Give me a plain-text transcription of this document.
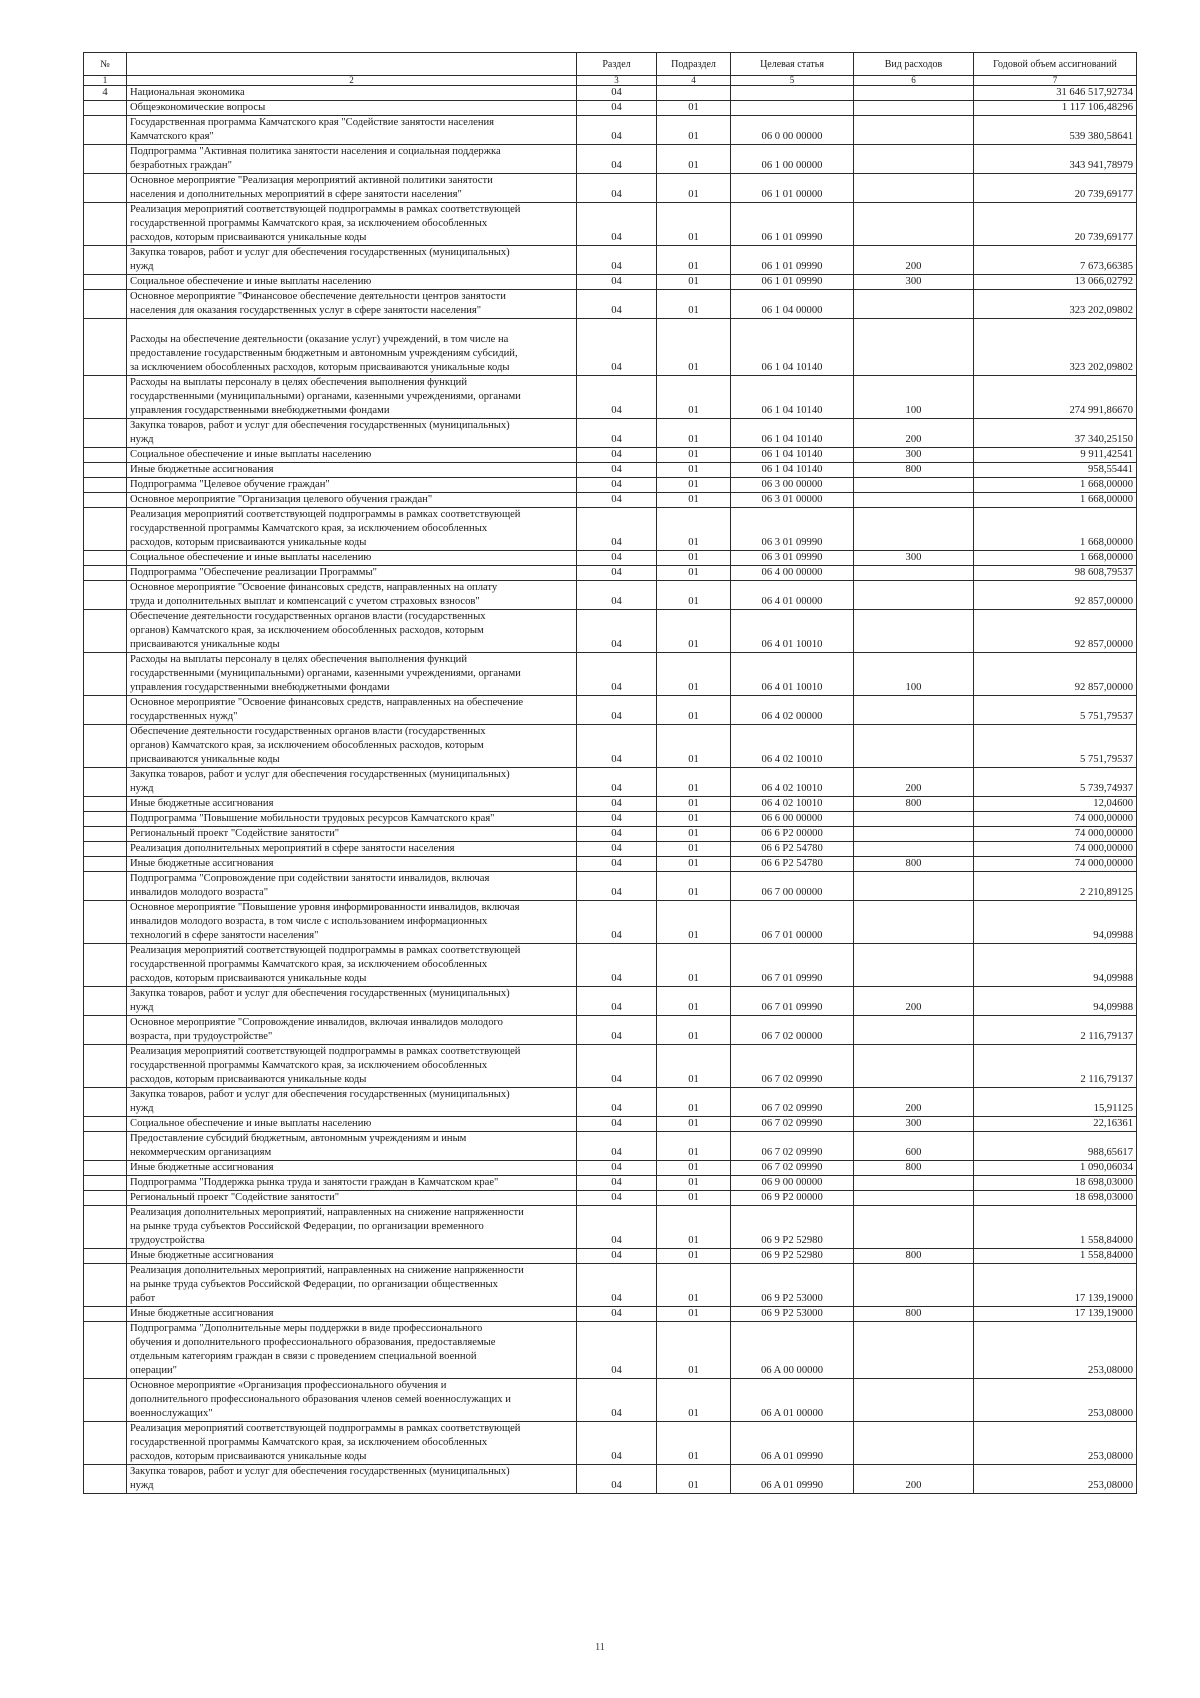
№		Раздел	Подраздел	Целевая статья	Вид расходов	Годовой объем ассигнований
1	2	3	4	5	6	7
4	Национальная экономика	04				31 646 517,92734
	Общеэкономические вопросы	04	01			1 117 106,48296
	Государственная программа Камчатского края "Содействие занятости населения
Камчатского края"	04	01	06 0 00 00000		539 380,58641
	Подпрограмма "Активная политика занятости населения и социальная поддержка
безработных граждан"	04	01	06 1 00 00000		343 941,78979
	Основное мероприятие "Реализация мероприятий активной политики занятости
населения и дополнительных мероприятий в сфере занятости населения"	04	01	06 1 01 00000		20 739,69177
	Реализация мероприятий соответствующей подпрограммы в рамках соответствующей
государственной программы Камчатского края, за исключением обособленных
расходов, которым присваиваются уникальные коды	04	01	06 1 01 09990		20 739,69177
	Закупка товаров, работ и услуг для обеспечения государственных (муниципальных)
нужд	04	01	06 1 01 09990	200	7 673,66385
	Социальное обеспечение и иные выплаты населению	04	01	06 1 01 09990	300	13 066,02792
	Основное мероприятие "Финансовое обеспечение деятельности центров занятости
населения для оказания государственных услуг в сфере занятости населения"	04	01	06 1 04 00000		323 202,09802

Расходы на обеспечение деятельности (оказание услуг) учреждений, в том числе на
предоставление государственным бюджетным и автономным учреждениям субсидий,
за исключением обособленных расходов, которым присваиваются уникальные коды	04	01	06 1 04 10140		323 202,09802
	Расходы на выплаты персоналу в целях обеспечения выполнения функций
государственными (муниципальными) органами, казенными учреждениями, органами
управления государственными внебюджетными фондами	04	01	06 1 04 10140	100	274 991,86670
	Закупка товаров, работ и услуг для обеспечения государственных (муниципальных)
нужд	04	01	06 1 04 10140	200	37 340,25150
	Социальное обеспечение и иные выплаты населению	04	01	06 1 04 10140	300	9 911,42541
	Иные бюджетные ассигнования	04	01	06 1 04 10140	800	958,55441
	Подпрограмма "Целевое обучение граждан"	04	01	06 3 00 00000		1 668,00000
	Основное мероприятие "Организация целевого обучения граждан"	04	01	06 3 01 00000		1 668,00000
	Реализация мероприятий соответствующей подпрограммы в рамках соответствующей
государственной программы Камчатского края, за исключением обособленных
расходов, которым присваиваются уникальные коды	04	01	06 3 01 09990		1 668,00000
	Социальное обеспечение и иные выплаты населению	04	01	06 3 01 09990	300	1 668,00000
	Подпрограмма "Обеспечение реализации Программы"	04	01	06 4 00 00000		98 608,79537
	Основное мероприятие "Освоение финансовых средств, направленных на оплату
труда и дополнительных выплат и компенсаций с учетом страховых взносов"	04	01	06 4 01 00000		92 857,00000
	Обеспечение деятельности государственных органов власти (государственных
органов) Камчатского края, за исключением обособленных расходов, которым
присваиваются уникальные коды	04	01	06 4 01 10010		92 857,00000
	Расходы на выплаты персоналу в целях обеспечения выполнения функций
государственными (муниципальными) органами, казенными учреждениями, органами
управления государственными внебюджетными фондами	04	01	06 4 01 10010	100	92 857,00000
	Основное мероприятие "Освоение финансовых средств, направленных на обеспечение
государственных нужд"	04	01	06 4 02 00000		5 751,79537
	Обеспечение деятельности государственных органов власти (государственных
органов) Камчатского края, за исключением обособленных расходов, которым
присваиваются уникальные коды	04	01	06 4 02 10010		5 751,79537
	Закупка товаров, работ и услуг для обеспечения государственных (муниципальных)
нужд	04	01	06 4 02 10010	200	5 739,74937
	Иные бюджетные ассигнования	04	01	06 4 02 10010	800	12,04600
	Подпрограмма "Повышение мобильности трудовых ресурсов Камчатского края"	04	01	06 6 00 00000		74 000,00000
	Региональный проект "Содействие занятости"	04	01	06 6 P2 00000		74 000,00000
	Реализация дополнительных мероприятий в сфере занятости населения	04	01	06 6 P2 54780		74 000,00000
	Иные бюджетные ассигнования	04	01	06 6 P2 54780	800	74 000,00000
	Подпрограмма "Сопровождение при содействии занятости инвалидов, включая
инвалидов молодого возраста"	04	01	06 7 00 00000		2 210,89125
	Основное мероприятие "Повышение уровня информированности инвалидов, включая
инвалидов молодого возраста, в том числе с использованием информационных
технологий в сфере занятости населения"	04	01	06 7 01 00000		94,09988
	Реализация мероприятий соответствующей подпрограммы в рамках соответствующей
государственной программы Камчатского края, за исключением обособленных
расходов, которым присваиваются уникальные коды	04	01	06 7 01 09990		94,09988
	Закупка товаров, работ и услуг для обеспечения государственных (муниципальных)
нужд	04	01	06 7 01 09990	200	94,09988
	Основное мероприятие "Сопровождение инвалидов, включая инвалидов молодого
возраста, при трудоустройстве"	04	01	06 7 02 00000		2 116,79137
	Реализация мероприятий соответствующей подпрограммы в рамках соответствующей
государственной программы Камчатского края, за исключением обособленных
расходов, которым присваиваются уникальные коды	04	01	06 7 02 09990		2 116,79137
	Закупка товаров, работ и услуг для обеспечения государственных (муниципальных)
нужд	04	01	06 7 02 09990	200	15,91125
	Социальное обеспечение и иные выплаты населению	04	01	06 7 02 09990	300	22,16361
	Предоставление субсидий бюджетным, автономным учреждениям и иным
некоммерческим организациям	04	01	06 7 02 09990	600	988,65617
	Иные бюджетные ассигнования	04	01	06 7 02 09990	800	1 090,06034
	Подпрограмма "Поддержка рынка труда и занятости граждан в Камчатском крае"	04	01	06 9 00 00000		18 698,03000
	Региональный проект "Содействие занятости"	04	01	06 9 P2 00000		18 698,03000
	Реализация дополнительных мероприятий, направленных на снижение напряженности
на рынке труда субъектов Российской Федерации, по организации временного
трудоустройства	04	01	06 9 P2 52980		1 558,84000
	Иные бюджетные ассигнования	04	01	06 9 P2 52980	800	1 558,84000
	Реализация дополнительных мероприятий, направленных на снижение напряженности
на рынке труда субъектов Российской Федерации, по организации общественных
работ	04	01	06 9 P2 53000		17 139,19000
	Иные бюджетные ассигнования	04	01	06 9 P2 53000	800	17 139,19000
	Подпрограмма "Дополнительные меры поддержки в виде профессионального
обучения и дополнительного профессионального образования, предоставляемые
отдельным категориям граждан в связи с проведением специальной военной
операции"	04	01	06 A 00 00000		253,08000
	Основное мероприятие «Организация профессионального обучения и
дополнительного профессионального образования членов семей военнослужащих и
военнослужащих"	04	01	06 A 01 00000		253,08000
	Реализация мероприятий соответствующей подпрограммы в рамках соответствующей
государственной программы Камчатского края, за исключением обособленных
расходов, которым присваиваются уникальные коды	04	01	06 A 01 09990		253,08000
	Закупка товаров, работ и услуг для обеспечения государственных (муниципальных)
нужд	04	01	06 A 01 09990	200	253,08000
11
